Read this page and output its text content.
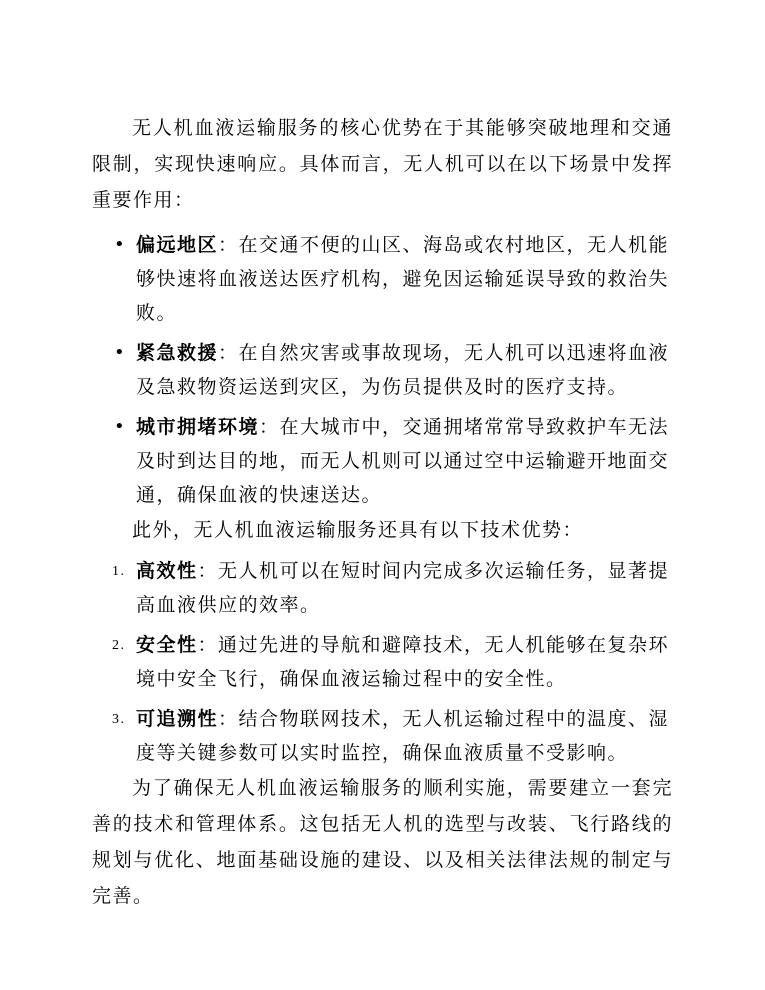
无人机血液运输服务的核心优势在于其能够突破地理和交通限制，实现快速响应。具体而言，无人机可以在以下场景中发挥重要作用：

• 偏远地区：在交通不便的山区、海岛或农村地区，无人机能够快速将血液送达医疗机构，避免因运输延误导致的救治失败。
• 紧急救援：在自然灾害或事故现场，无人机可以迅速将血液及急救物资运送到灾区，为伤员提供及时的医疗支持。
• 城市拥堵环境：在大城市中，交通拥堵常常导致救护车无法及时到达目的地，而无人机则可以通过空中运输避开地面交通，确保血液的快速送达。

此外，无人机血液运输服务还具有以下技术优势：

1. 高效性：无人机可以在短时间内完成多次运输任务，显著提高血液供应的效率。
2. 安全性：通过先进的导航和避障技术，无人机能够在复杂环境中安全飞行，确保血液运输过程中的安全性。
3. 可追溯性：结合物联网技术，无人机运输过程中的温度、湿度等关键参数可以实时监控，确保血液质量不受影响。

为了确保无人机血液运输服务的顺利实施，需要建立一套完善的技术和管理体系。这包括无人机的选型与改装、飞行路线的规划与优化、地面基础设施的建设、以及相关法律法规的制定与完善。
